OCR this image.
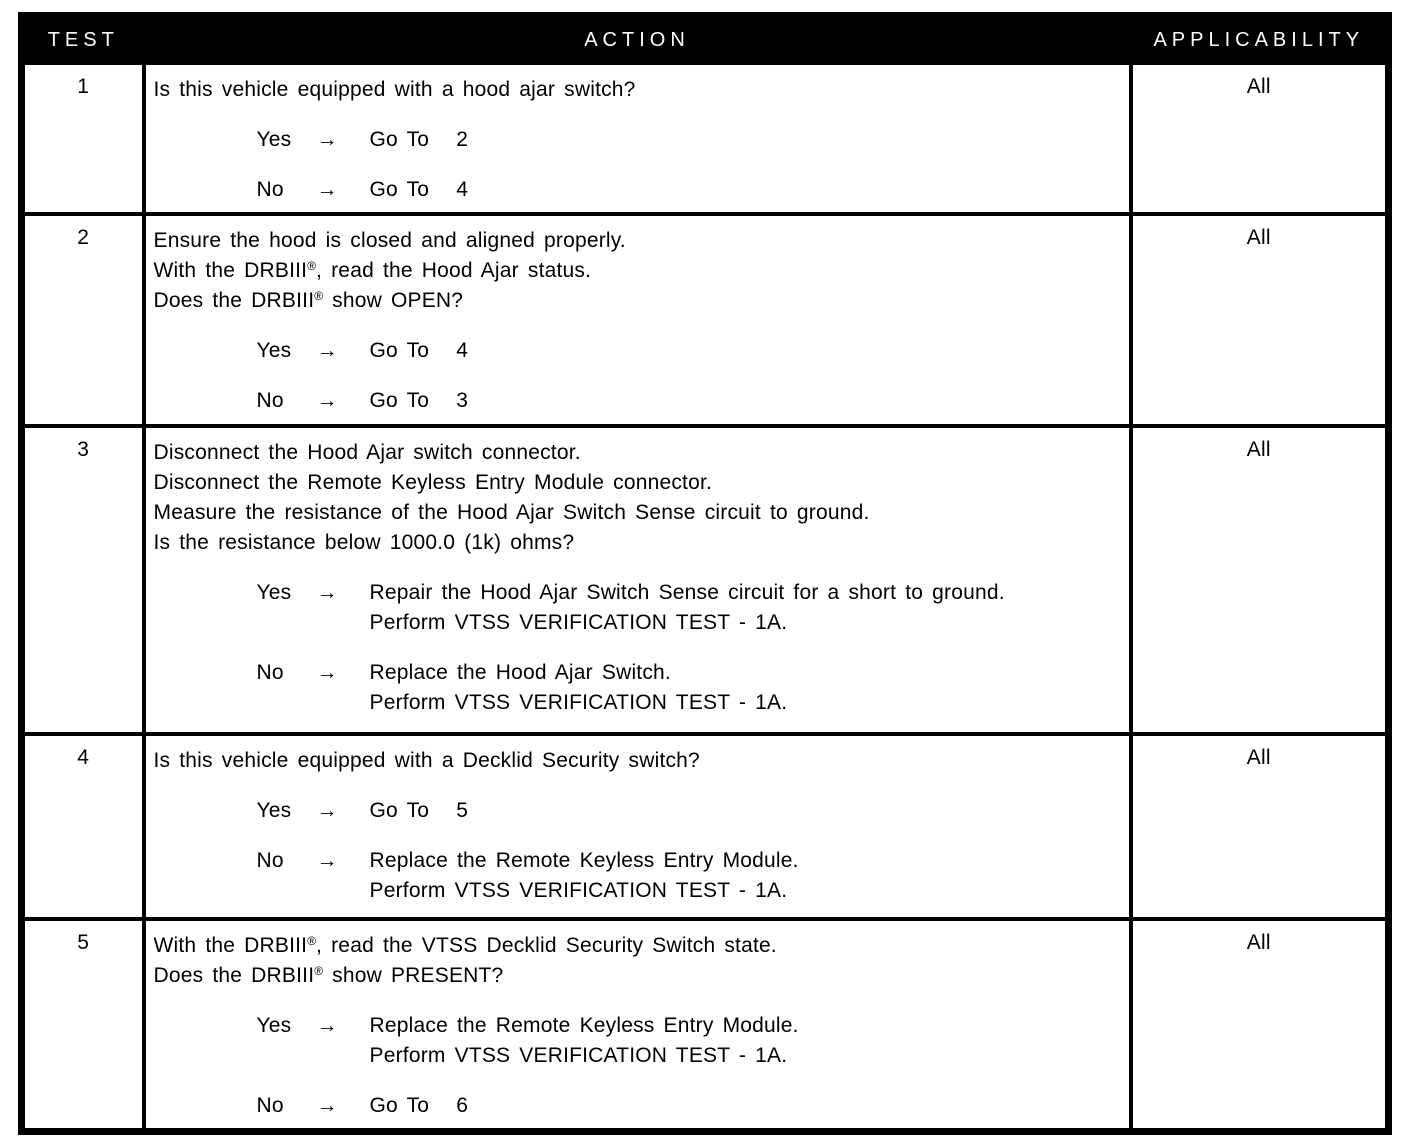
TEST	ACTION	APPLICABILITY
1	Is this vehicle equipped with a hood ajar switch?
Yes	→	Go To   2
No	→	Go To   4
	All
2	Ensure the hood is closed and aligned properly.
With the DRBIII®, read the Hood Ajar status.
Does the DRBIII® show OPEN?
Yes	→	Go To   4
No	→	Go To   3
	All
3	Disconnect the Hood Ajar switch connector.
Disconnect the Remote Keyless Entry Module connector.
Measure the resistance of the Hood Ajar Switch Sense circuit to ground.
Is the resistance below 1000.0 (1k) ohms?
Yes	→	Repair the Hood Ajar Switch Sense circuit for a short to ground.
Perform VTSS VERIFICATION TEST - 1A.
No	→	Replace the Hood Ajar Switch.
Perform VTSS VERIFICATION TEST - 1A.
	All
4	Is this vehicle equipped with a Decklid Security switch?
Yes	→	Go To   5
No	→	Replace the Remote Keyless Entry Module.
Perform VTSS VERIFICATION TEST - 1A.
	All
5	With the DRBIII®, read the VTSS Decklid Security Switch state.
Does the DRBIII® show PRESENT?
Yes	→	Replace the Remote Keyless Entry Module.
Perform VTSS VERIFICATION TEST - 1A.
No	→	Go To   6
	All
